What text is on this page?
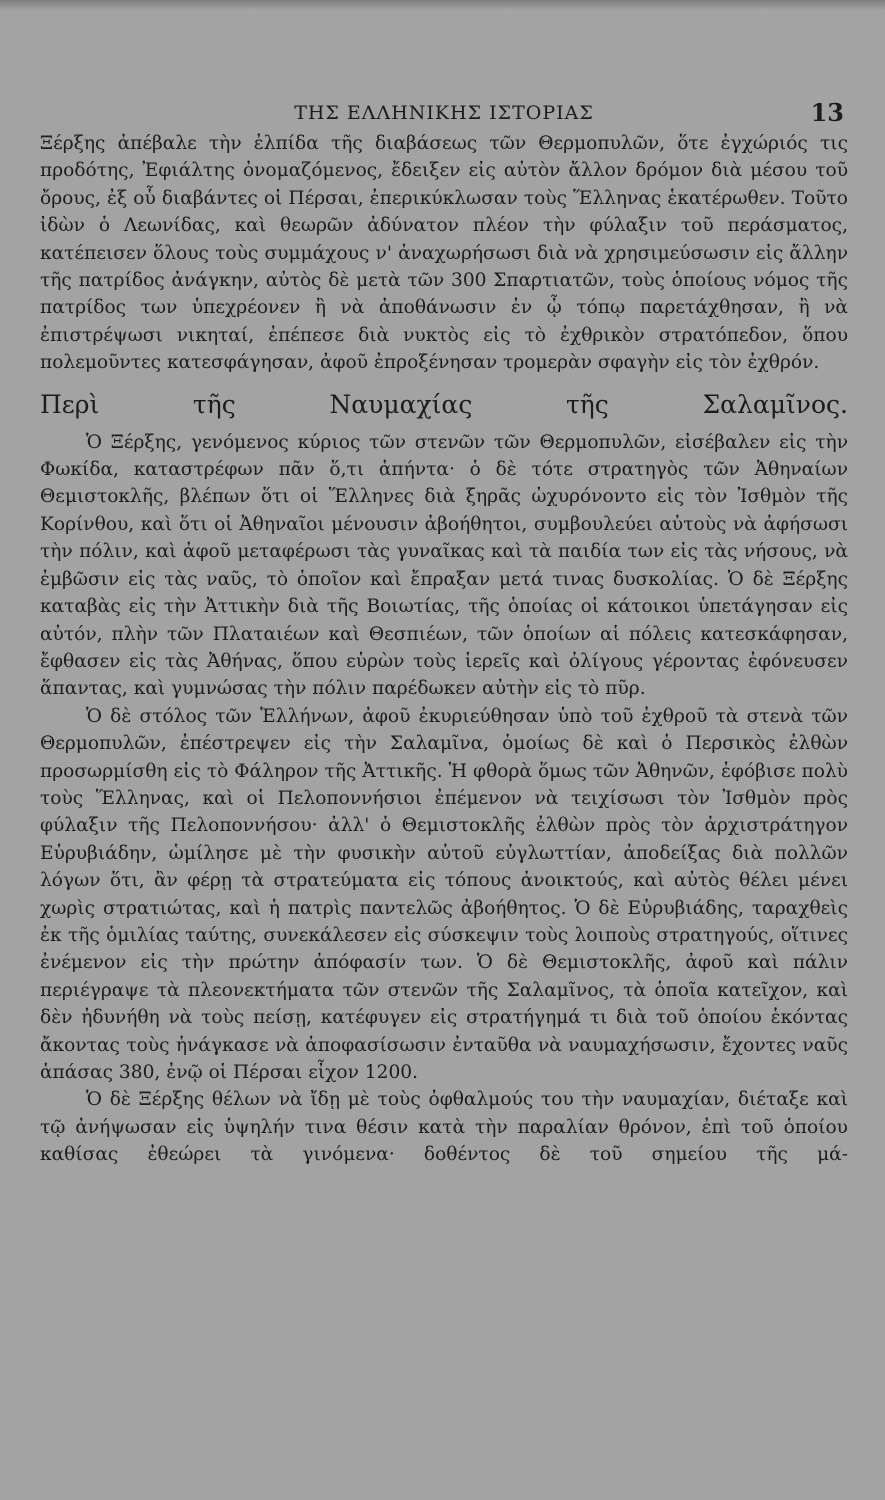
ΤΗΣ ΕΛΛΗΝΙΚΗΣ ΙΣΤΟΡΙΑΣ	13

Ξέρξης ἀπέβαλε τὴν ἐλπίδα τῆς διαβάσεως τῶν Θερμοπυλῶν, ὅτε ἐγχώριός τις προδότης, Ἐφιάλτης ὀνομαζόμενος, ἔδειξεν εἰς αὐτὸν ἄλλον δρόμον διὰ μέσου τοῦ ὄρους, ἐξ οὗ διαβάντες οἱ Πέρσαι, ἐπερικύκλωσαν τοὺς Ἕλληνας ἑκατέρωθεν. Τοῦτο ἰδὼν ὁ Λεωνίδας, καὶ θεωρῶν ἀδύνατον πλέον τὴν φύλαξιν τοῦ περάσματος, κατέπεισεν ὅλους τοὺς συμμάχους ν' ἀναχωρήσωσι διὰ νὰ χρησιμεύσωσιν εἰς ἄλλην τῆς πατρίδος ἀνάγκην, αὐτὸς δὲ μετὰ τῶν 300 Σπαρτιατῶν, τοὺς ὁποίους νόμος τῆς πατρίδος των ὑπεχρέονεν ἢ νὰ ἀποθάνωσιν ἐν ᾧ τόπῳ παρετάχθησαν, ἢ νὰ ἐπιστρέψωσι νικηταί, ἐπέπεσε διὰ νυκτὸς εἰς τὸ ἐχθρικὸν στρατόπεδον, ὅπου πολεμοῦντες κατεσφάγησαν, ἀφοῦ ἐπροξένησαν τρομερὰν σφαγὴν εἰς τὸν ἐχθρόν.

Περὶ τῆς Ναυμαχίας τῆς Σαλαμῖνος.

Ὁ Ξέρξης, γενόμενος κύριος τῶν στενῶν τῶν Θερμοπυλῶν, εἰσέβαλεν εἰς τὴν Φωκίδα, καταστρέφων πᾶν ὅ,τι ἀπήντα· ὁ δὲ τότε στρατηγὸς τῶν Ἀθηναίων Θεμιστοκλῆς, βλέπων ὅτι οἱ Ἕλληνες διὰ ξηρᾶς ὠχυρόνοντο εἰς τὸν Ἰσθμὸν τῆς Κορίνθου, καὶ ὅτι οἱ Ἀθηναῖοι μένουσιν ἀβοήθητοι, συμβουλεύει αὐτοὺς νὰ ἀφήσωσι τὴν πόλιν, καὶ ἀφοῦ μεταφέρωσι τὰς γυναῖκας καὶ τὰ παιδία των εἰς τὰς νήσους, νὰ ἐμβῶσιν εἰς τὰς ναῦς, τὸ ὁποῖον καὶ ἔπραξαν μετά τινας δυσκολίας. Ὁ δὲ Ξέρξης καταβὰς εἰς τὴν Ἀττικὴν διὰ τῆς Βοιωτίας, τῆς ὁποίας οἱ κάτοικοι ὑπετάγησαν εἰς αὐτόν, πλὴν τῶν Πλαταιέων καὶ Θεσπιέων, τῶν ὁποίων αἱ πόλεις κατεσκάφησαν, ἔφθασεν εἰς τὰς Ἀθήνας, ὅπου εὑρὼν τοὺς ἱερεῖς καὶ ὀλίγους γέροντας ἐφόνευσεν ἅπαντας, καὶ γυμνώσας τὴν πόλιν παρέδωκεν αὐτὴν εἰς τὸ πῦρ.

Ὁ δὲ στόλος τῶν Ἑλλήνων, ἀφοῦ ἐκυριεύθησαν ὑπὸ τοῦ ἐχθροῦ τὰ στενὰ τῶν Θερμοπυλῶν, ἐπέστρεψεν εἰς τὴν Σαλαμῖνα, ὁμοίως δὲ καὶ ὁ Περσικὸς ἐλθὼν προσωρμίσθη εἰς τὸ Φάληρον τῆς Ἀττικῆς. Ἡ φθορὰ ὅμως τῶν Ἀθηνῶν, ἐφόβισε πολὺ τοὺς Ἕλληνας, καὶ οἱ Πελοποννήσιοι ἐπέμενον νὰ τειχίσωσι τὸν Ἰσθμὸν πρὸς φύλαξιν τῆς Πελοποννήσου· ἀλλ' ὁ Θεμιστοκλῆς ἐλθὼν πρὸς τὸν ἀρχιστράτηγον Εὐρυβιάδην, ὡμίλησε μὲ τὴν φυσικὴν αὐτοῦ εὐγλωττίαν, ἀποδείξας διὰ πολλῶν λόγων ὅτι, ἂν φέρῃ τὰ στρατεύματα εἰς τόπους ἀνοικτούς, καὶ αὐτὸς θέλει μένει χωρὶς στρατιώτας, καὶ ἡ πατρὶς παντελῶς ἀβοήθητος. Ὁ δὲ Εὐρυβιάδης, ταραχθεὶς ἐκ τῆς ὁμιλίας ταύτης, συνεκάλεσεν εἰς σύσκεψιν τοὺς λοιποὺς στρατηγούς, οἵτινες ἐνέμενον εἰς τὴν πρώτην ἀπόφασίν των. Ὁ δὲ Θεμιστοκλῆς, ἀφοῦ καὶ πάλιν περιέγραψε τὰ πλεονεκτήματα τῶν στενῶν τῆς Σαλαμῖνος, τὰ ὁποῖα κατεῖχον, καὶ δὲν ἠδυνήθη νὰ τοὺς πείσῃ, κατέφυγεν εἰς στρατήγημά τι διὰ τοῦ ὁποίου ἑκόντας ἄκοντας τοὺς ἠνάγκασε νὰ ἀποφασίσωσιν ἐνταῦθα νὰ ναυμαχήσωσιν, ἔχοντες ναῦς ἁπάσας 380, ἐνῷ οἱ Πέρσαι εἶχον 1200.

Ὁ δὲ Ξέρξης θέλων νὰ ἴδῃ μὲ τοὺς ὀφθαλμούς του τὴν ναυμαχίαν, διέταξε καὶ τῷ ἀνήψωσαν εἰς ὑψηλήν τινα θέσιν κατὰ τὴν παραλίαν θρόνον, ἐπὶ τοῦ ὁποίου καθίσας ἐθεώρει τὰ γινόμενα· δοθέντος δὲ τοῦ σημείου τῆς μά-
